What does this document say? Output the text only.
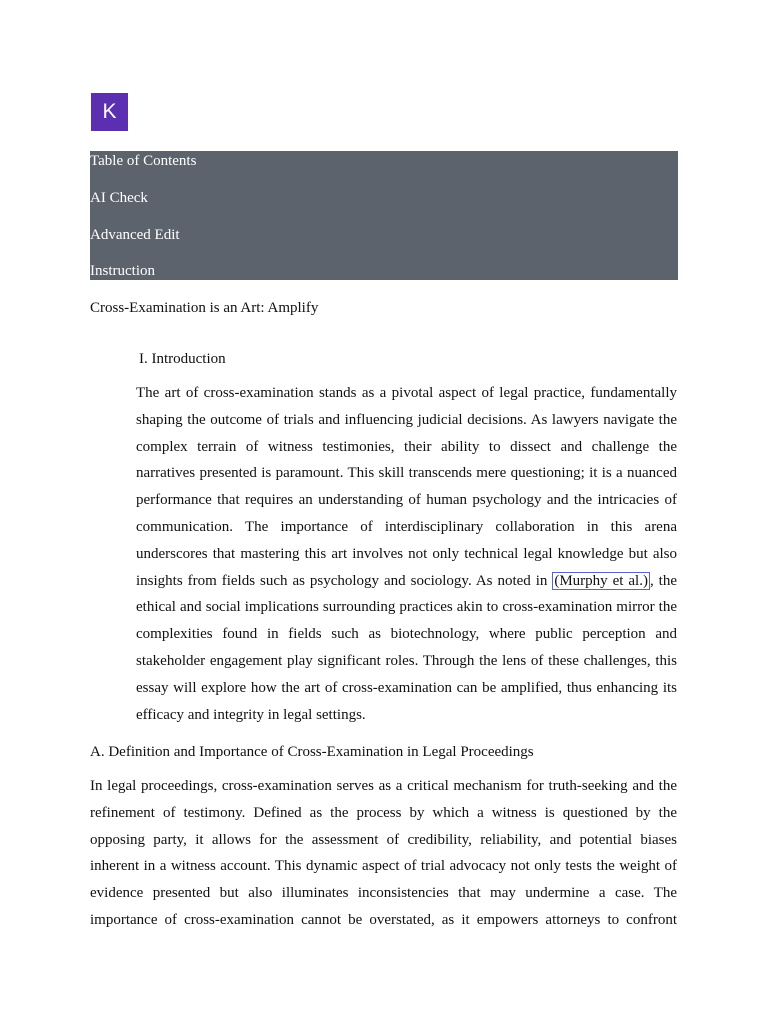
K
Table of Contents
AI Check
Advanced Edit
Instruction
Cross-Examination is an Art: Amplify
I. Introduction

The art of cross-examination stands as a pivotal aspect of legal practice, fundamentally
shaping the outcome of trials and influencing judicial decisions. As lawyers navigate the
complex terrain of witness testimonies, their ability to dissect and challenge the
narratives presented is paramount. This skill transcends mere questioning; it is a nuanced
performance that requires an understanding of human psychology and the intricacies of
communication. The importance of interdisciplinary collaboration in this arena
underscores that mastering this art involves not only technical legal knowledge but also
insights from fields such as psychology and sociology. As noted in (Murphy et al.) , the
ethical and social implications surrounding practices akin to cross-examination mirror the
complexities found in fields such as biotechnology, where public perception and
stakeholder engagement play significant roles. Through the lens of these challenges, this
essay will explore how the art of cross-examination can be amplified, thus enhancing its
efficacy and integrity in legal settings.

A. Definition and Importance of Cross-Examination in Legal Proceedings

In legal proceedings, cross-examination serves as a critical mechanism for truth-seeking and the
refinement of testimony. Defined as the process by which a witness is questioned by the
opposing party, it allows for the assessment of credibility, reliability, and potential biases
inherent in a witness account. This dynamic aspect of trial advocacy not only tests the weight of
evidence presented but also illuminates inconsistencies that may undermine a case. The
importance of cross-examination cannot be overstated, as it empowers attorneys to confront
